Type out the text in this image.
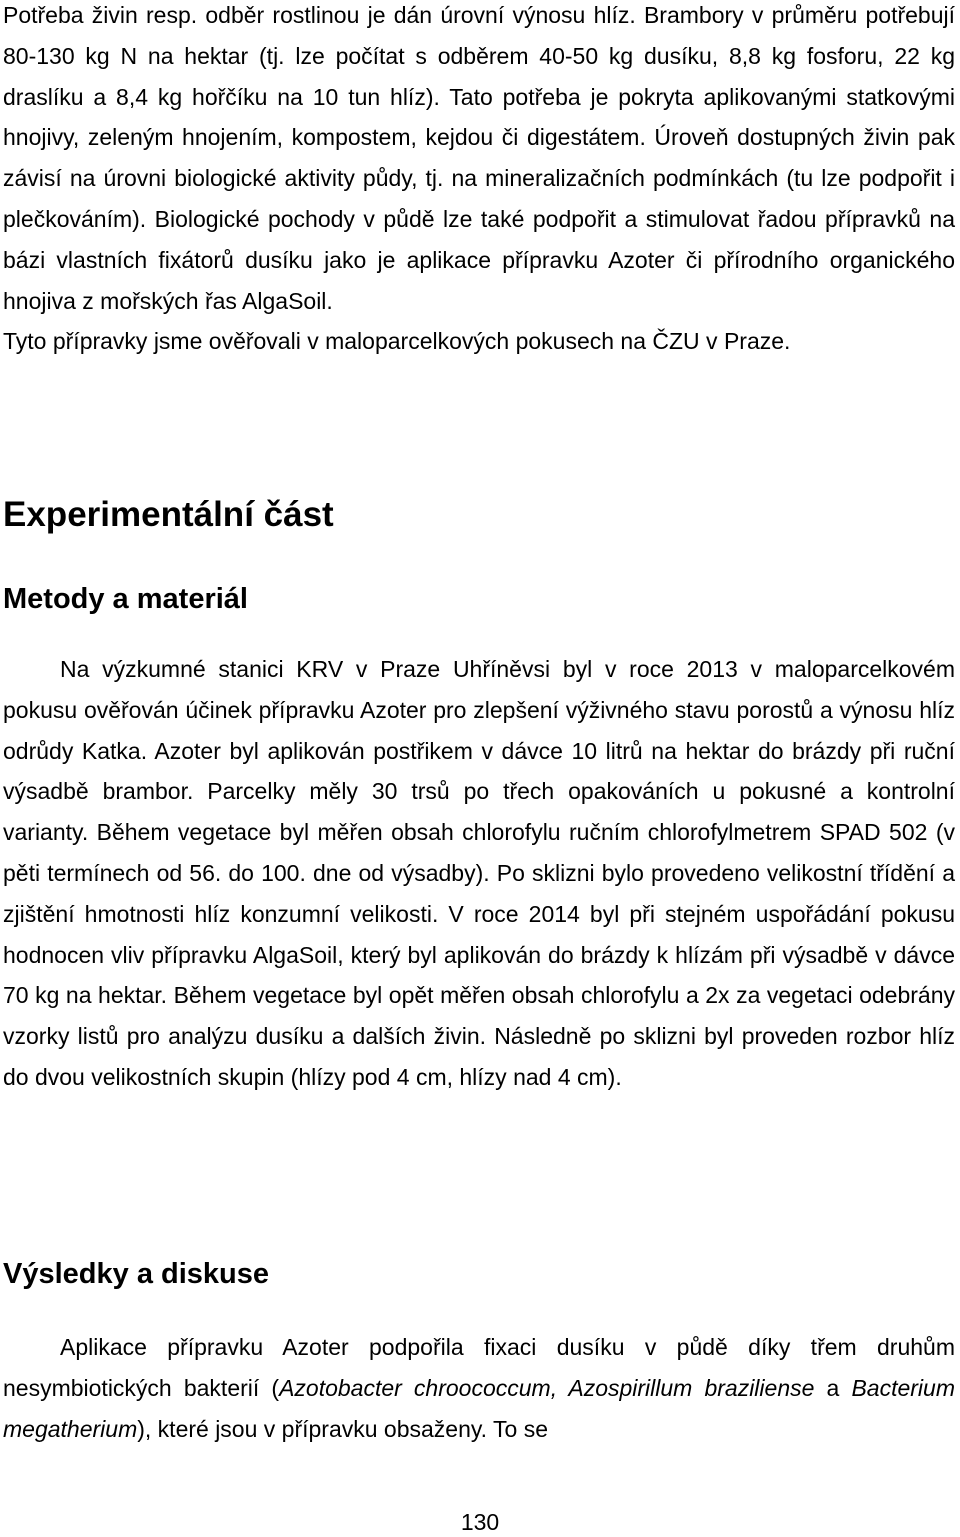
Potřeba živin resp. odběr rostlinou je dán úrovní výnosu hlíz. Brambory v průměru potřebují 80-130 kg N na hektar (tj. lze počítat s odběrem 40-50 kg dusíku, 8,8 kg fosforu, 22 kg draslíku a 8,4 kg hořčíku na 10 tun hlíz). Tato potřeba je pokryta aplikovanými statkovými hnojivy, zeleným hnojením, kompostem, kejdou či digestátem. Úroveň dostupných živin pak závisí na úrovni biologické aktivity půdy, tj. na mineralizačních podmínkách (tu lze podpořit i plečkováním). Biologické pochody v půdě lze také podpořit a stimulovat řadou přípravků na bázi vlastních fixátorů dusíku jako je aplikace přípravku Azoter či přírodního organického hnojiva z mořských řas AlgaSoil.
Tyto přípravky jsme ověřovali v maloparcelkových pokusech na ČZU v Praze.

Experimentální část
Metody a materiál

Na výzkumné stanici KRV v Praze Uhříněvsi byl v roce 2013 v maloparcelkovém pokusu ověřován účinek přípravku Azoter pro zlepšení výživného stavu porostů a výnosu hlíz odrůdy Katka. Azoter byl aplikován postřikem v dávce 10 litrů na hektar do brázdy při ruční výsadbě brambor. Parcelky měly 30 trsů po třech opakováních u pokusné a kontrolní varianty. Během vegetace byl měřen obsah chlorofylu ručním chlorofylmetrem SPAD 502 (v pěti termínech od 56. do 100. dne od výsadby). Po sklizni bylo provedeno velikostní třídění a zjištění hmotnosti hlíz konzumní velikosti. V roce 2014 byl při stejném uspořádání pokusu hodnocen vliv přípravku AlgaSoil, který byl aplikován do brázdy k hlízám při výsadbě v dávce 70 kg na hektar. Během vegetace byl opět měřen obsah chlorofylu a 2x za vegetaci odebrány vzorky listů pro analýzu dusíku a dalších živin. Následně po sklizni byl proveden rozbor hlíz do dvou velikostních skupin (hlízy pod 4 cm, hlízy nad 4 cm).

Výsledky a diskuse

Aplikace přípravku Azoter podpořila fixaci dusíku v půdě díky třem druhům nesymbiotických bakterií (Azotobacter chroococcum, Azospirillum braziliense a Bacterium megatherium), které jsou v přípravku obsaženy. To se

130
